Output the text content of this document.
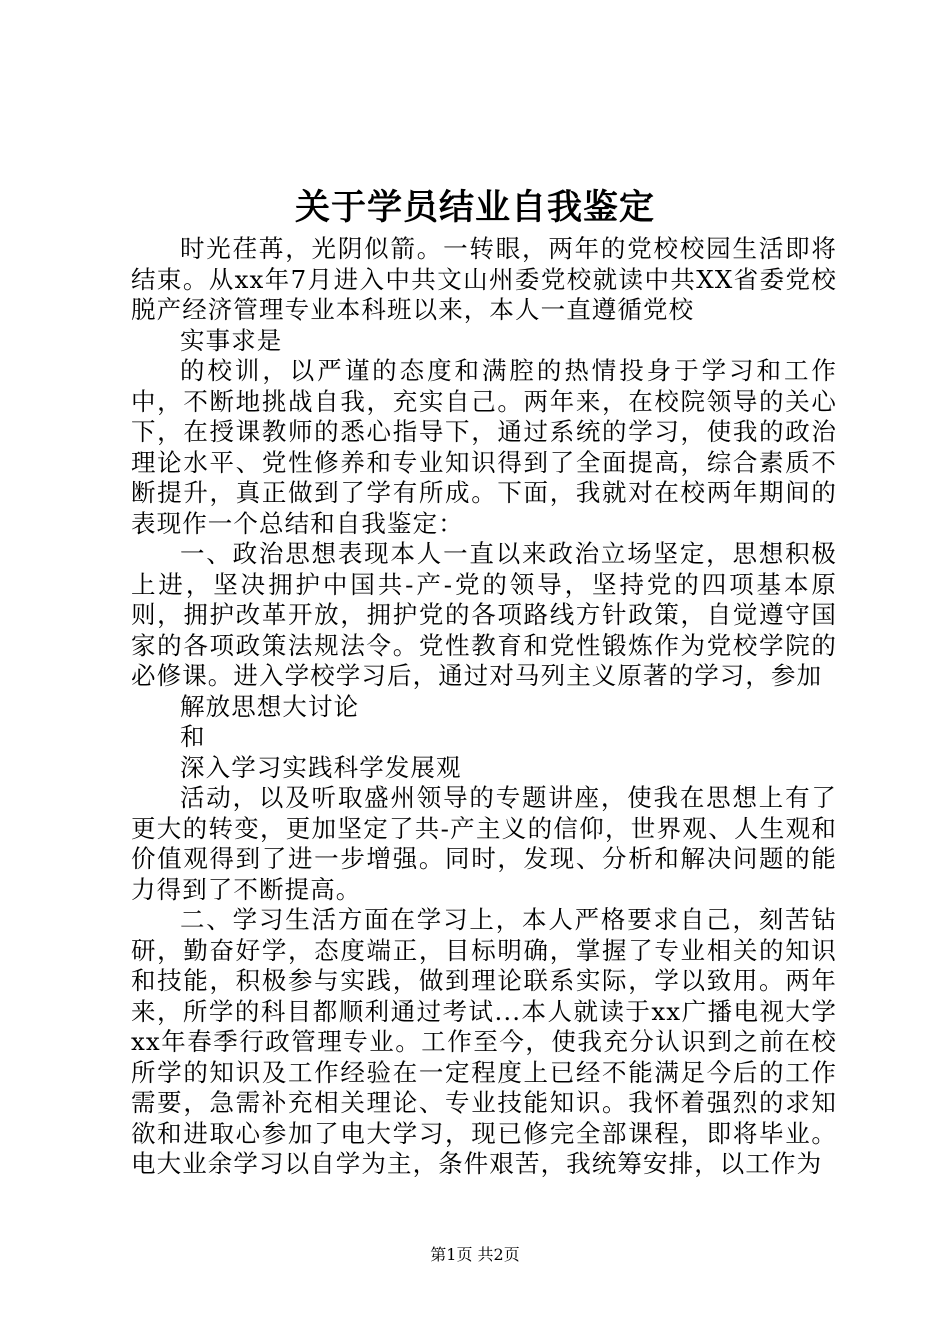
关于学员结业自我鉴定

时光荏苒，光阴似箭。一转眼，两年的党校校园生活即将结束。从xx年7月进入中共文山州委党校就读中共XX省委党校脱产经济管理专业本科班以来，本人一直遵循党校

实事求是

的校训，以严谨的态度和满腔的热情投身于学习和工作中，不断地挑战自我，充实自己。两年来，在校院领导的关心下，在授课教师的悉心指导下，通过系统的学习，使我的政治理论水平、党性修养和专业知识得到了全面提高，综合素质不断提升，真正做到了学有所成。下面，我就对在校两年期间的表现作一个总结和自我鉴定：

一、政治思想表现本人一直以来政治立场坚定，思想积极上进，坚决拥护中国共-产-党的领导，坚持党的四项基本原则，拥护改革开放，拥护党的各项路线方针政策，自觉遵守国家的各项政策法规法令。党性教育和党性锻炼作为党校学院的必修课。进入学校学习后，通过对马列主义原著的学习，参加

解放思想大讨论

和

深入学习实践科学发展观

活动，以及听取盛州领导的专题讲座，使我在思想上有了更大的转变，更加坚定了共-产主义的信仰，世界观、人生观和价值观得到了进一步增强。同时，发现、分析和解决问题的能力得到了不断提高。

二、学习生活方面在学习上，本人严格要求自己，刻苦钻研，勤奋好学，态度端正，目标明确，掌握了专业相关的知识和技能，积极参与实践，做到理论联系实际，学以致用。两年来，所学的科目都顺利通过考试...本人就读于xx广播电视大学xx年春季行政管理专业。工作至今，使我充分认识到之前在校所学的知识及工作经验在一定程度上已经不能满足今后的工作需要，急需补充相关理论、专业技能知识。我怀着强烈的求知欲和进取心参加了电大学习，现已修完全部课程，即将毕业。电大业余学习以自学为主，条件艰苦，我统筹安排，以工作为

第1页 共2页
